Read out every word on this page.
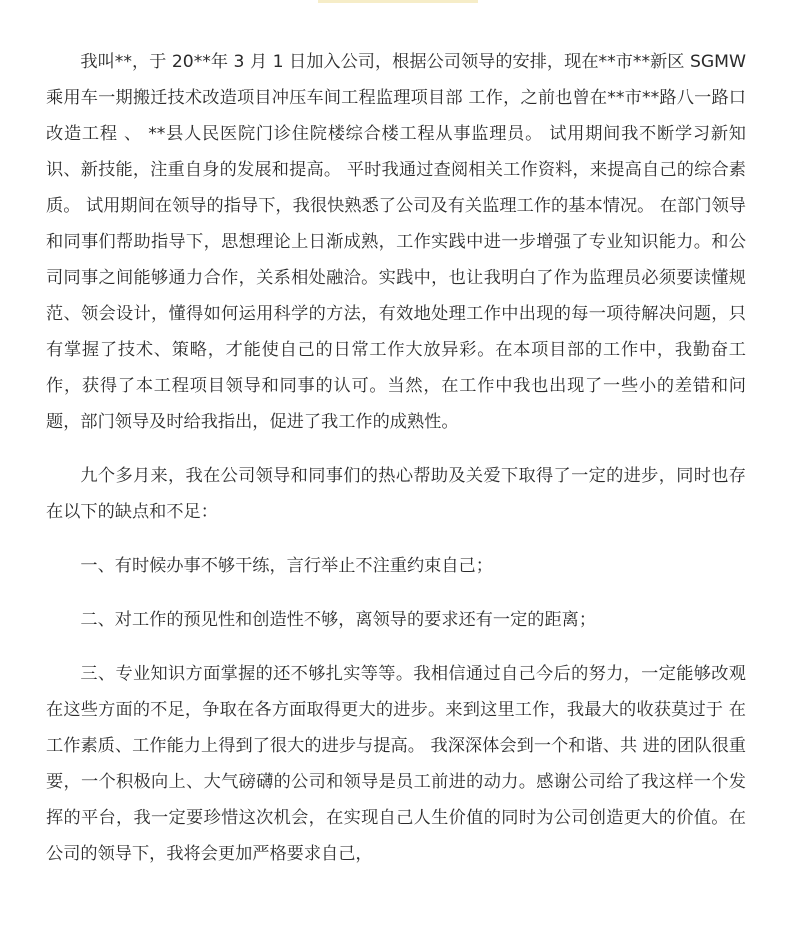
我叫**，于 20**年 3 月 1 日加入公司，根据公司领导的安排，现在**市**新区 SGMW 乘用车一期搬迁技术改造项目冲压车间工程监理项目部 工作，之前也曾在**市**路八一路口改造工程 、 **县人民医院门诊住院楼综合楼工程从事监理员。 试用期间我不断学习新知识、新技能，注重自身的发展和提高。 平时我通过查阅相关工作资料，来提高自己的综合素质。 试用期间在领导的指导下，我很快熟悉了公司及有关监理工作的基本情况。 在部门领导和同事们帮助指导下，思想理论上日渐成熟，工作实践中进一步增强了专业知识能力。和公司同事之间能够通力合作，关系相处融洽。实践中，也让我明白了作为监理员必须要读懂规范、领会设计，懂得如何运用科学的方法，有效地处理工作中出现的每一项待解决问题，只有掌握了技术、策略，才能使自己的日常工作大放异彩。在本项目部的工作中，我勤奋工作，获得了本工程项目领导和同事的认可。当然，在工作中我也出现了一些小的差错和问题，部门领导及时给我指出，促进了我工作的成熟性。

九个多月来，我在公司领导和同事们的热心帮助及关爱下取得了一定的进步，同时也存在以下的缺点和不足：

一、有时候办事不够干练，言行举止不注重约束自己；

二、对工作的预见性和创造性不够，离领导的要求还有一定的距离；

三、专业知识方面掌握的还不够扎实等等。我相信通过自己今后的努力，一定能够改观在这些方面的不足，争取在各方面取得更大的进步。来到这里工作，我最大的收获莫过于 在工作素质、工作能力上得到了很大的进步与提高。 我深深体会到一个和谐、共 进的团队很重要，一个积极向上、大气磅礴的公司和领导是员工前进的动力。感谢公司给了我这样一个发挥的平台，我一定要珍惜这次机会，在实现自己人生价值的同时为公司创造更大的价值。在公司的领导下，我将会更加严格要求自己，
